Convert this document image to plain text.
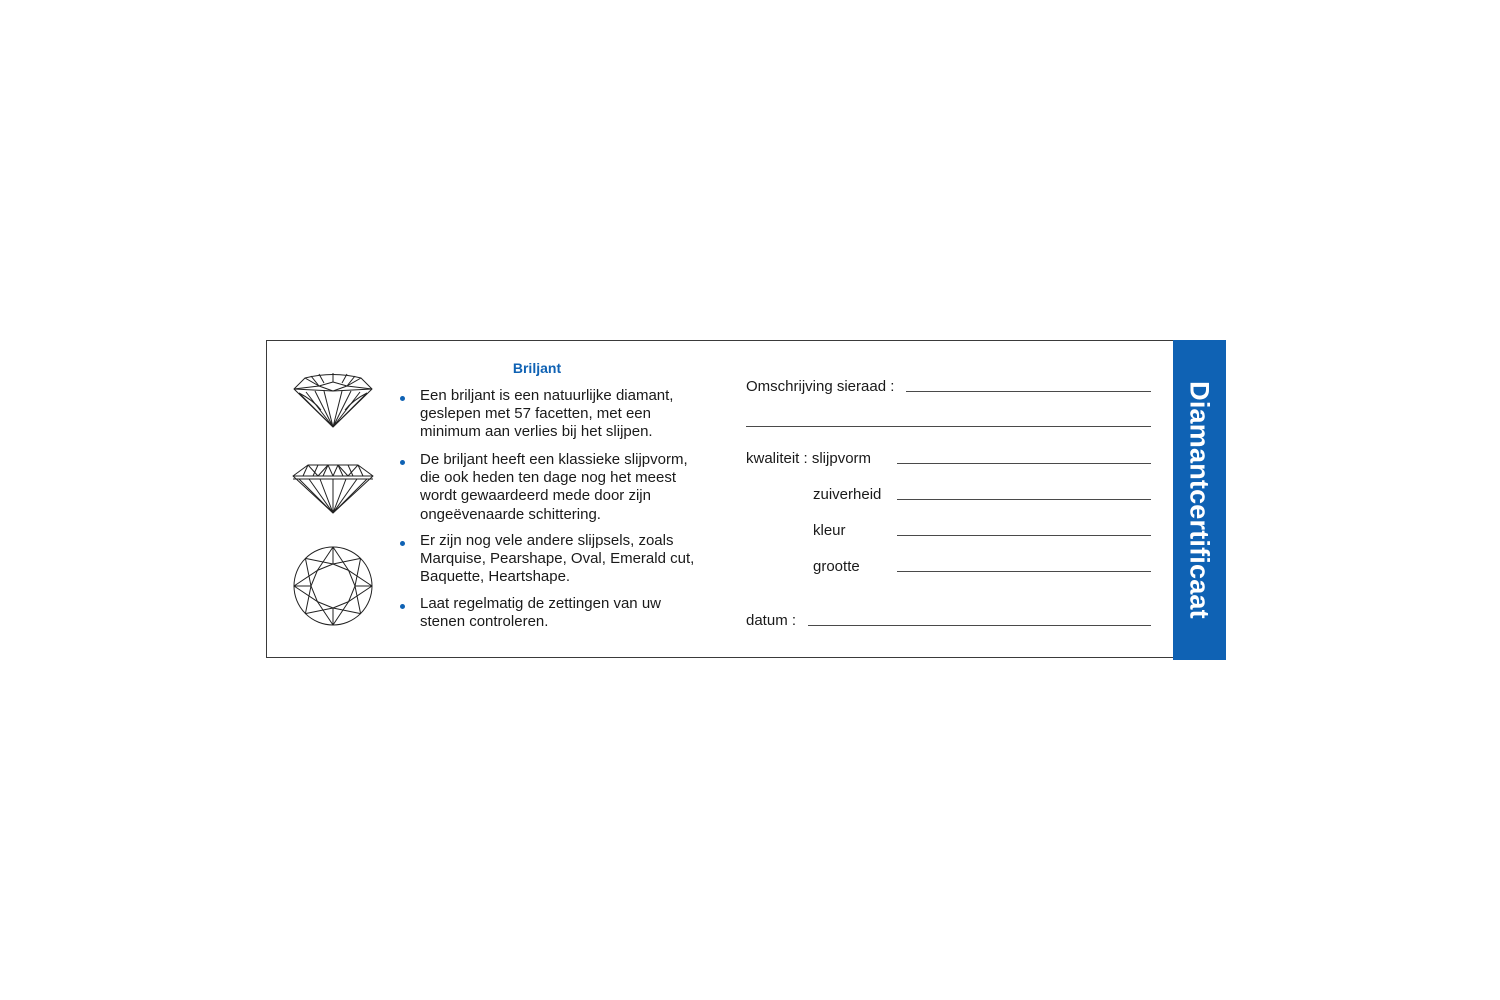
Diamantcertificaat
Briljant
Een briljant is een natuurlijke diamant, geslepen met 57 facetten, met een minimum aan verlies bij het slijpen.
De briljant heeft een klassieke slijpvorm, die ook heden ten dage nog het meest wordt gewaardeerd mede door zijn ongeëvenaarde schittering.
Er zijn nog vele andere slijpsels, zoals Marquise, Pearshape, Oval, Emerald cut, Baquette, Heartshape.
Laat regelmatig de zettingen van uw stenen controleren.
Omschrijving sieraad :
kwaliteit : slijpvorm
zuiverheid
kleur
grootte
datum :
